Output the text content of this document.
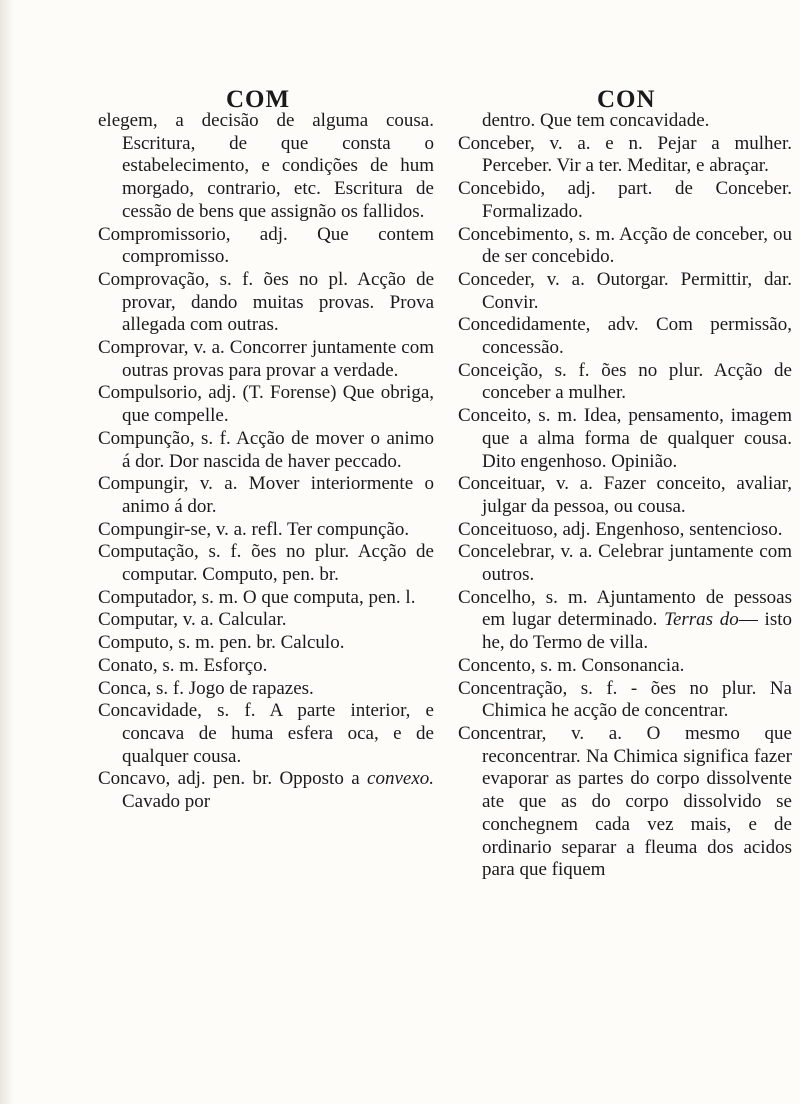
COM	CON

elegem, a decisão de alguma cousa. Escritura, de que consta o estabelecimento, e condições de hum morgado, contrario, etc. Escritura de cessão de bens que assignão os fallidos.

Compromissorio, adj. Que contem compromisso.

Comprovação, s. f. ões no pl. Acção de provar, dando muitas provas. Prova allegada com outras.

Comprovar, v. a. Concorrer juntamente com outras provas para provar a verdade.

Compulsorio, adj. (T. Forense) Que obriga, que compelle.

Compunção, s. f. Acção de mover o animo á dor. Dor nascida de haver peccado.

Compungir, v. a. Mover interiormente o animo á dor.

Compungir-se, v. a. refl. Ter compunção.

Computação, s. f. ões no plur. Acção de computar. Computo, pen. br.

Computador, s. m. O que computa, pen. l.

Computar, v. a. Calcular.

Computo, s. m. pen. br. Calculo.

Conato, s. m. Esforço.

Conca, s. f. Jogo de rapazes.

Concavidade, s. f. A parte interior, e concava de huma esfera oca, e de qualquer cousa.

Concavo, adj. pen. br. Opposto a convexo. Cavado por

dentro. Que tem concavidade.

Conceber, v. a. e n. Pejar a mulher. Perceber. Vir a ter. Meditar, e abraçar.

Concebido, adj. part. de Conceber. Formalizado.

Concebimento, s. m. Acção de conceber, ou de ser concebido.

Conceder, v. a. Outorgar. Permittir, dar. Convir.

Concedidamente, adv. Com permissão, concessão.

Conceição, s. f. ões no plur. Acção de conceber a mulher.

Conceito, s. m. Idea, pensamento, imagem que a alma forma de qualquer cousa. Dito engenhoso. Opinião.

Conceituar, v. a. Fazer conceito, avaliar, julgar da pessoa, ou cousa.

Conceituoso, adj. Engenhoso, sentencioso.

Concelebrar, v. a. Celebrar juntamente com outros.

Concelho, s. m. Ajuntamento de pessoas em lugar determinado. Terras do— isto he, do Termo de villa.

Concento, s. m. Consonancia.

Concentração, s. f. - ões no plur. Na Chimica he acção de concentrar.

Concentrar, v. a. O mesmo que reconcentrar. Na Chimica significa fazer evaporar as partes do corpo dissolvente ate que as do corpo dissolvido se conchegnem cada vez mais, e de ordinario separar a fleuma dos acidos para que fiquem
